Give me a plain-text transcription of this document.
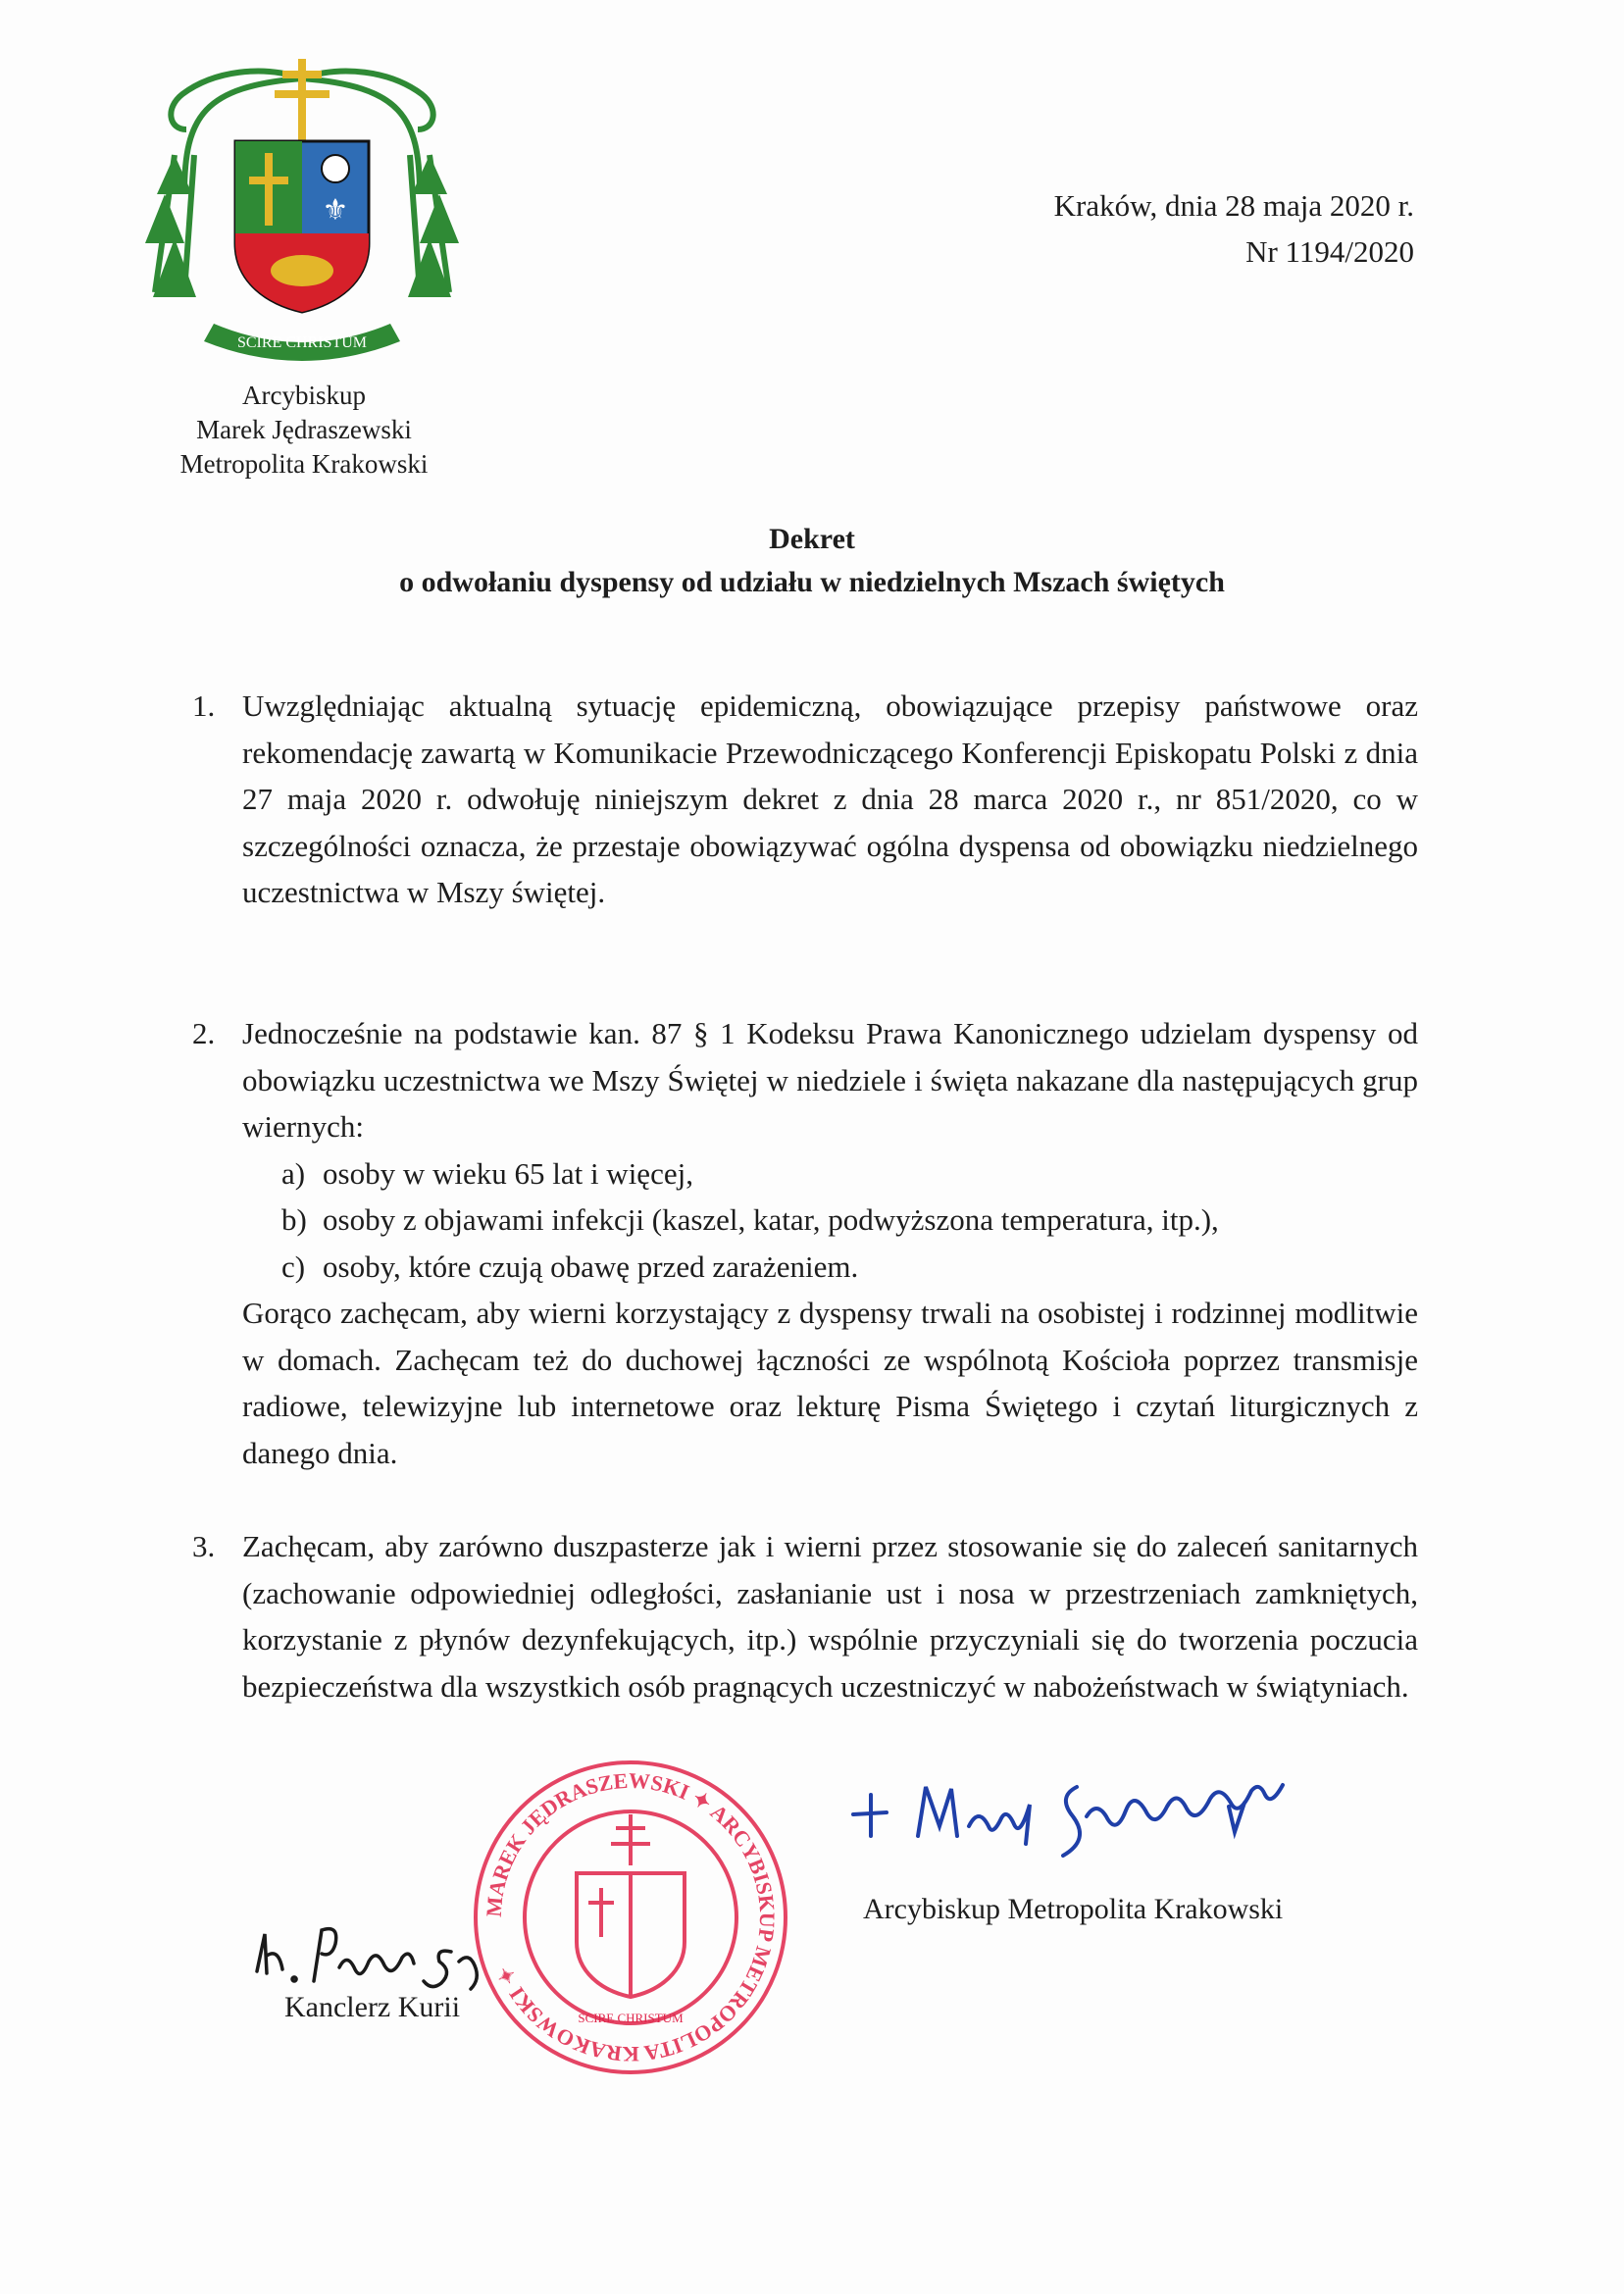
⚜
SCIRE CHRISTUM
Arcybiskup
Marek Jędraszewski
Metropolita Krakowski
Kraków, dnia 28 maja 2020 r.
Nr 1194/2020
Dekret
o odwołaniu dyspensy od udziału w niedzielnych Mszach świętych
1. Uwzględniając aktualną sytuację epidemiczną, obowiązujące przepisy państwowe oraz rekomendację zawartą w Komunikacie Przewodniczącego Konferencji Episkopatu Polski z dnia 27 maja 2020 r. odwołuję niniejszym dekret z dnia 28 marca 2020 r., nr 851/2020, co w szczególności oznacza, że przestaje obowiązywać ogólna dyspensa od obowiązku niedzielnego uczestnictwa w Mszy świętej.
2. Jednocześnie na podstawie kan. 87 § 1 Kodeksu Prawa Kanonicznego udzielam dyspensy od obowiązku uczestnictwa we Mszy Świętej w niedziele i święta nakazane dla następujących grup wiernych:
a) osoby w wieku 65 lat i więcej,
b) osoby z objawami infekcji (kaszel, katar, podwyższona temperatura, itp.),
c) osoby, które czują obawę przed zarażeniem.
Gorąco zachęcam, aby wierni korzystający z dyspensy trwali na osobistej i rodzinnej modlitwie w domach. Zachęcam też do duchowej łączności ze wspólnotą Kościoła poprzez transmisje radiowe, telewizyjne lub internetowe oraz lekturę Pisma Świętego i czytań liturgicznych z danego dnia.
3. Zachęcam, aby zarówno duszpasterze jak i wierni przez stosowanie się do zaleceń sanitarnych (zachowanie odpowiedniej odległości, zasłanianie ust i nosa w przestrzeniach zamkniętych, korzystanie z płynów dezynfekujących, itp.) wspólnie przyczyniali się do tworzenia poczucia bezpieczeństwa dla wszystkich osób pragnących uczestniczyć w nabożeństwach w świątyniach.
MAREK JĘDRASZEWSKI ✦ ARCYBISKUP METROPOLITA KRAKOWSKI ✦
SCIRE CHRISTUM
Arcybiskup Metropolita Krakowski
Kanclerz Kurii
